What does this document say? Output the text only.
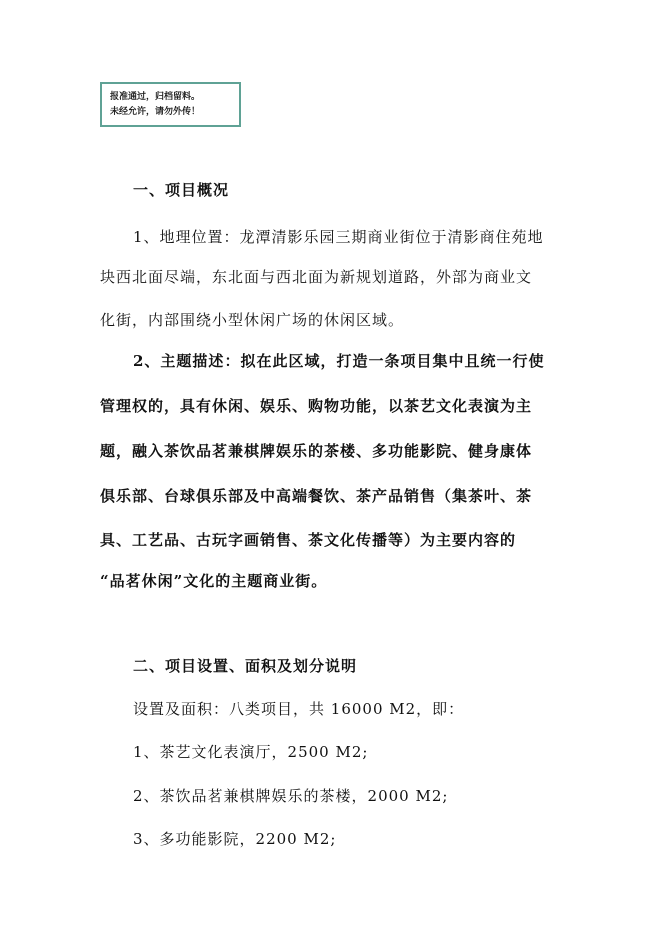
报准通过，归档留料。
未经允许，请勿外传！
一、项目概况
1、地理位置：龙潭清影乐园三期商业街位于清影商住苑地
块西北面尽端，东北面与西北面为新规划道路，外部为商业文
化街，内部围绕小型休闲广场的休闲区域。
2、主题描述：拟在此区域，打造一条项目集中且统一行使
管理权的，具有休闲、娱乐、购物功能，以茶艺文化表演为主
题，融入茶饮品茗兼棋牌娱乐的茶楼、多功能影院、健身康体
俱乐部、台球俱乐部及中高端餐饮、茶产品销售（集茶叶、茶
具、工艺品、古玩字画销售、茶文化传播等）为主要内容的
“品茗休闲”文化的主题商业街。
二、项目设置、面积及划分说明
设置及面积：八类项目，共 16000 M2，即：
1、茶艺文化表演厅，2500 M2;
2、茶饮品茗兼棋牌娱乐的茶楼，2000 M2;
3、多功能影院，2200 M2;
